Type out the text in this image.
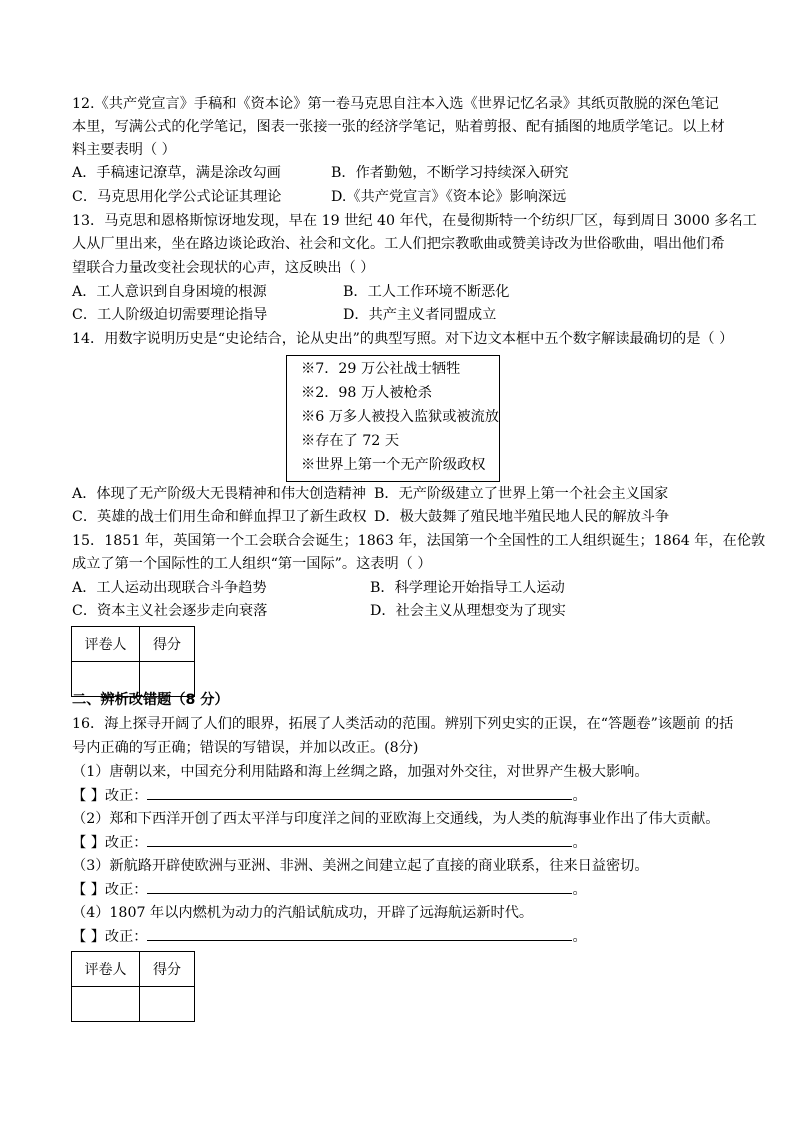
12.《共产党宣言》手稿和《资本论》第一卷马克思自注本入选《世界记忆名录》其纸页散脱的深色笔记
本里，写满公式的化学笔记，图表一张接一张的经济学笔记，贴着剪报、配有插图的地质学笔记。以上材
料主要表明（ ）
A．手稿速记潦草，满是涂改勾画	B．作者勤勉，不断学习持续深入研究
C．马克思用化学公式论证其理论	D.《共产党宣言》《资本论》影响深远
13．马克思和恩格斯惊讶地发现，早在 19 世纪 40 年代，在曼彻斯特一个纺织厂区，每到周日 3000 多名工
人从厂里出来，坐在路边谈论政治、社会和文化。工人们把宗教歌曲或赞美诗改为世俗歌曲，唱出他们希
望联合力量改变社会现状的心声，这反映出（ ）
A．工人意识到自身困境的根源	B．工人工作环境不断恶化
C．工人阶级迫切需要理论指导	D．共产主义者同盟成立
14．用数字说明历史是“史论结合，论从史出”的典型写照。对下边文本框中五个数字解读最确切的是（ ）
※7．29 万公社战士牺牲
※2．98 万人被枪杀
※6 万多人被投入监狱或被流放
※存在了 72 天
※世界上第一个无产阶级政权
A．体现了无产阶级大无畏精神和伟大创造精神 B．无产阶级建立了世界上第一个社会主义国家
C．英雄的战士们用生命和鲜血捍卫了新生政权 D．极大鼓舞了殖民地半殖民地人民的解放斗争
15．1851 年，英国第一个工会联合会诞生；1863 年，法国第一个全国性的工人组织诞生；1864 年，在伦敦
成立了第一个国际性的工人组织“第一国际”。这表明（ ）
A．工人运动出现联合斗争趋势	B．科学理论开始指导工人运动
C．资本主义社会逐步走向衰落	D．社会主义从理想变为了现实
评卷人	得分

二、辨析改错题（8 分）
16．海上探寻开阔了人们的眼界，拓展了人类活动的范围。辨别下列史实的正误，在“答题卷”该题前 的括
号内正确的写正确；错误的写错误，并加以改正。(8分)
（1）唐朝以来，中国充分利用陆路和海上丝绸之路，加强对外交往，对世界产生极大影响。
【 】改正：	。
（2）郑和下西洋开创了西太平洋与印度洋之间的亚欧海上交通线，为人类的航海事业作出了伟大贡献。
【 】改正：	。
（3）新航路开辟使欧洲与亚洲、非洲、美洲之间建立起了直接的商业联系，往来日益密切。
【 】改正：	。
（4）1807 年以内燃机为动力的汽船试航成功，开辟了远海航运新时代。
【 】改正：	。
评卷人	得分
